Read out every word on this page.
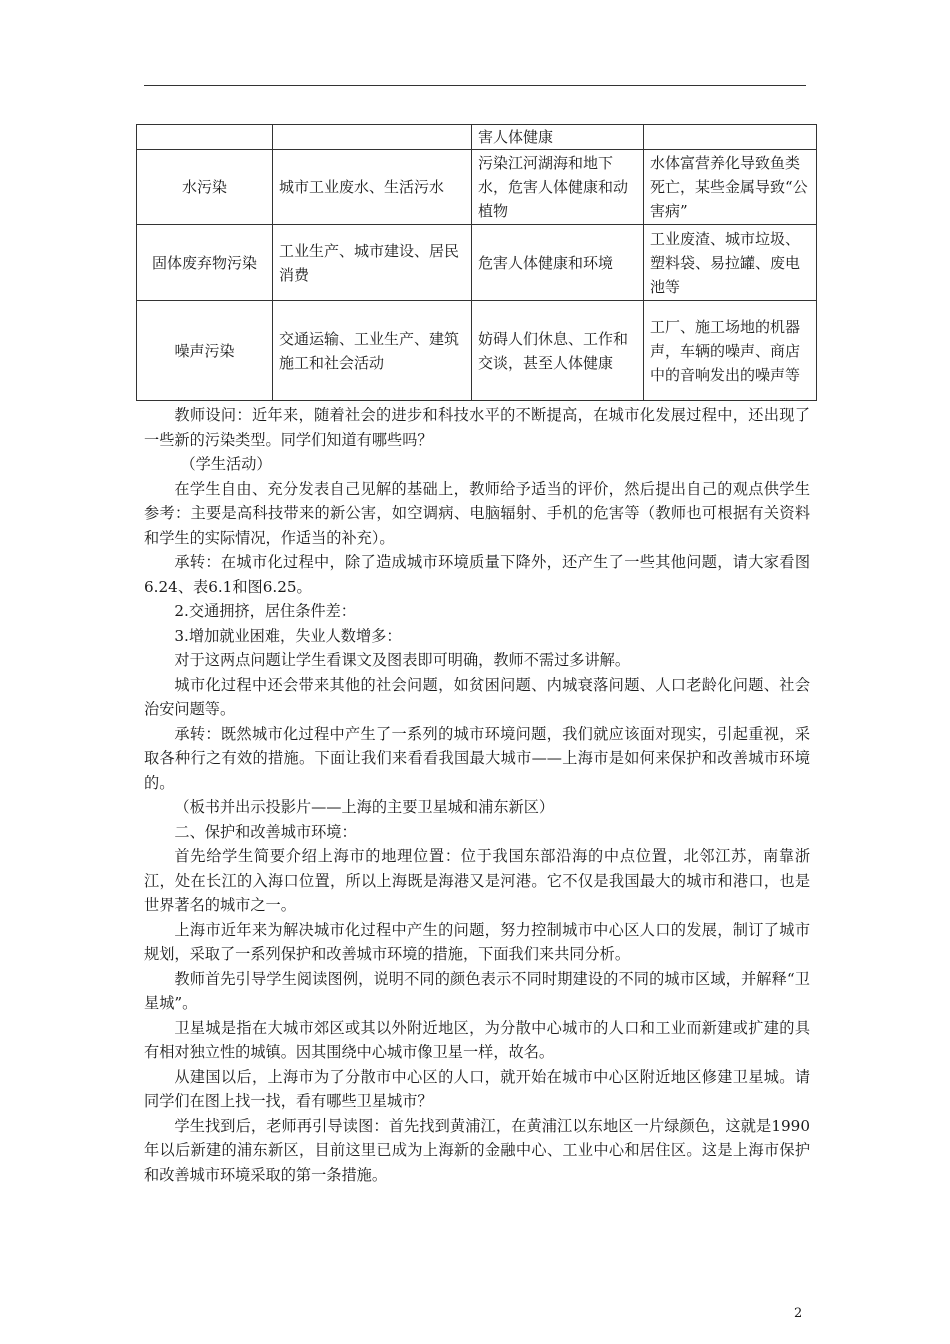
		害人体健康	
水污染	城市工业废水、生活污水	污染江河湖海和地下水，危害人体健康和动植物	水体富营养化导致鱼类死亡，某些金属导致“公害病”
固体废弃物污染	工业生产、城市建设、居民消费	危害人体健康和环境	工业废渣、城市垃圾、塑料袋、易拉罐、废电池等
噪声污染	交通运输、工业生产、建筑施工和社会活动	妨碍人们休息、工作和交谈，甚至人体健康	工厂、施工场地的机器声，车辆的噪声、商店中的音响发出的噪声等

教师设问：近年来，随着社会的进步和科技水平的不断提高，在城市化发展过程中，还出现了一些新的污染类型。同学们知道有哪些吗？

（学生活动）

在学生自由、充分发表自己见解的基础上，教师给予适当的评价，然后提出自己的观点供学生参考：主要是高科技带来的新公害，如空调病、电脑辐射、手机的危害等（教师也可根据有关资料和学生的实际情况，作适当的补充）。

承转：在城市化过程中，除了造成城市环境质量下降外，还产生了一些其他问题，请大家看图6.24、表6.1和图6.25。

2.交通拥挤，居住条件差：

3.增加就业困难，失业人数增多：

对于这两点问题让学生看课文及图表即可明确，教师不需过多讲解。

城市化过程中还会带来其他的社会问题，如贫困问题、内城衰落问题、人口老龄化问题、社会治安问题等。

承转：既然城市化过程中产生了一系列的城市环境问题，我们就应该面对现实，引起重视，采取各种行之有效的措施。下面让我们来看看我国最大城市——上海市是如何来保护和改善城市环境的。

（板书并出示投影片——上海的主要卫星城和浦东新区）

二、保护和改善城市环境：

首先给学生简要介绍上海市的地理位置：位于我国东部沿海的中点位置，北邻江苏，南靠浙江，处在长江的入海口位置，所以上海既是海港又是河港。它不仅是我国最大的城市和港口，也是世界著名的城市之一。

上海市近年来为解决城市化过程中产生的问题，努力控制城市中心区人口的发展，制订了城市规划，采取了一系列保护和改善城市环境的措施，下面我们来共同分析。

教师首先引导学生阅读图例，说明不同的颜色表示不同时期建设的不同的城市区域，并解释“卫星城”。

卫星城是指在大城市郊区或其以外附近地区，为分散中心城市的人口和工业而新建或扩建的具有相对独立性的城镇。因其围绕中心城市像卫星一样，故名。

从建国以后，上海市为了分散市中心区的人口，就开始在城市中心区附近地区修建卫星城。请同学们在图上找一找，看有哪些卫星城市？

学生找到后，老师再引导读图：首先找到黄浦江，在黄浦江以东地区一片绿颜色，这就是1990年以后新建的浦东新区，目前这里已成为上海新的金融中心、工业中心和居住区。这是上海市保护和改善城市环境采取的第一条措施。

2
